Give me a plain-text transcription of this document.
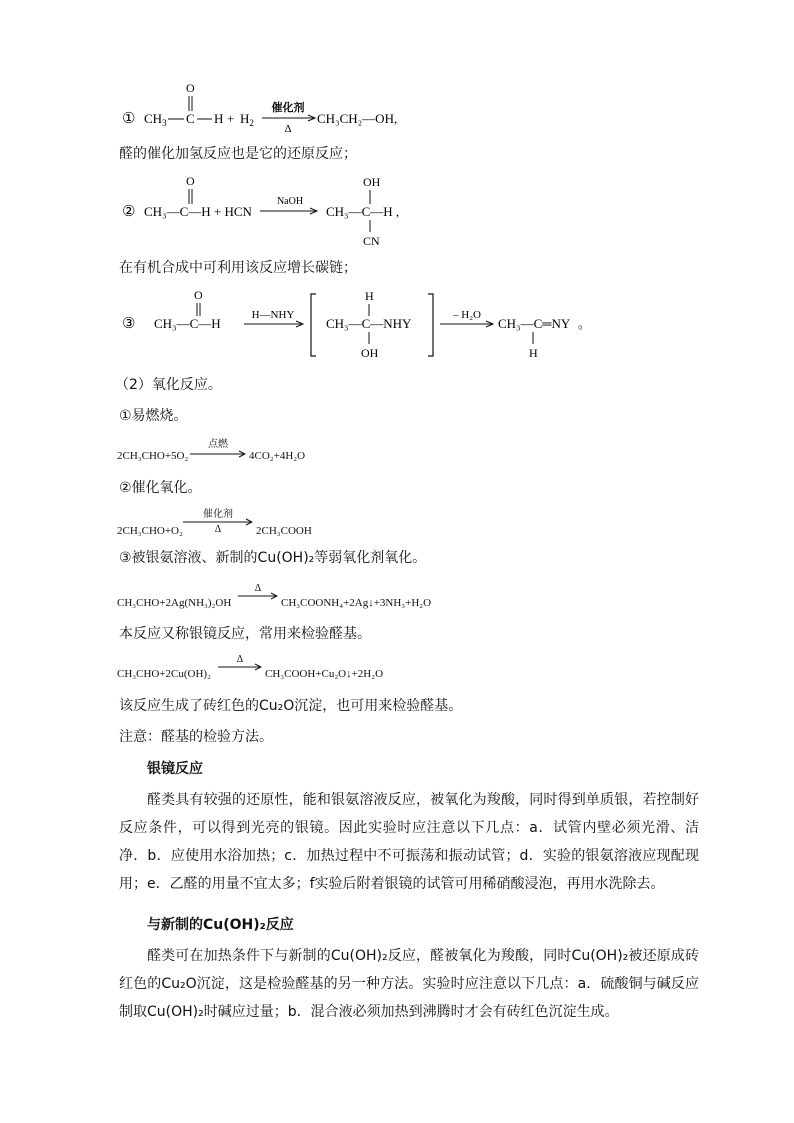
① $CH_3$ C
O
$H + H_2$
催化剂
Δ
CH₃CH₂—OH,
醛的催化加氢反应也是它的还原反应；
② CH₃—C—H + HCN
O
NaOH
CH₃—C—H ,
OH
CN
在有机合成中可利用该反应增长碳链；
③ CH₃—C—H
O
H—NHY
CH₃—C—NHY
H
OH
– H₂O
CH₃—C═NY
H
。
（2）氧化反应。
①易燃烧。
2CH₃CHO+5O₂
点燃
4CO₂+4H₂O
②催化氧化。
2CH₃CHO+O₂
催化剂
Δ	2CH₃COOH
③被银氨溶液、新制的Cu(OH)₂等弱氧化剂氧化。
CH₃CHO+2Ag(NH₃)₂OH
Δ
CH₃COONH₄+2Ag↓+3NH₃+H₂O
本反应又称银镜反应，常用来检验醛基。
CH₃CHO+2Cu(OH)₂
Δ
CH₃COOH+Cu₂O↓+2H₂O
该反应生成了砖红色的Cu₂O沉淀，也可用来检验醛基。
注意：醛基的检验方法。
银镜反应
醛类具有较强的还原性，能和银氨溶液反应，被氧化为羧酸，同时得到单质银，若控制好反应条件，可以得到光亮的银镜。因此实验时应注意以下几点：a．试管内壁必须光滑、洁净．b．应使用水浴加热；c．加热过程中不可振荡和振动试管；d．实验的银氨溶液应现配现用；e．乙醛的用量不宜太多；f实验后附着银镜的试管可用稀硝酸浸泡，再用水洗除去。
与新制的Cu(OH)₂反应
醛类可在加热条件下与新制的Cu(OH)₂反应，醛被氧化为羧酸，同时Cu(OH)₂被还原成砖红色的Cu₂O沉淀，这是检验醛基的另一种方法。实验时应注意以下几点：a．硫酸铜与碱反应制取Cu(OH)₂时碱应过量；b．混合液必须加热到沸腾时才会有砖红色沉淀生成。
